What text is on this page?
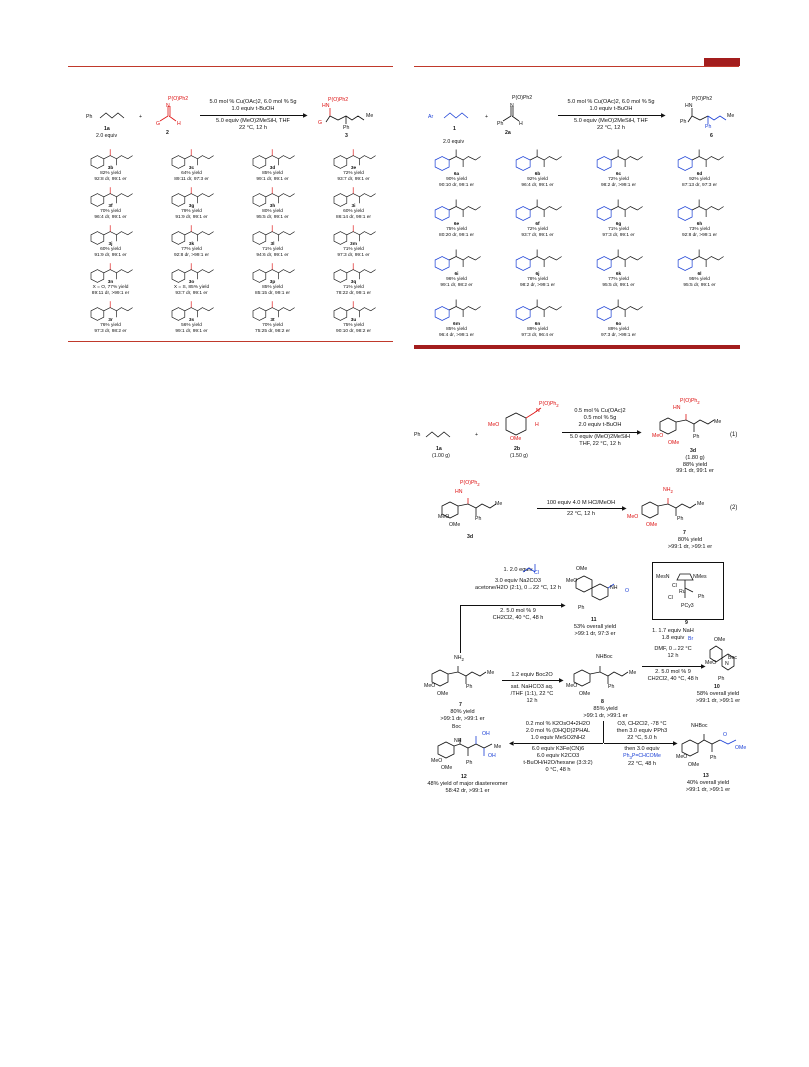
Ph
1a
2.0 equiv
+
P(O)Ph2
N
G	H
2
5.0 mol % Cu(OAc)2, 6.0 mol % 5g
1.0 equiv t-BuOH
▶
5.0 equiv (MeO)2MeSiH, THF
22 °C, 12 h
P(O)Ph2
HN
G
Ph
Me
3
3b
82% yield
92:8 dr, 99:1 er
3c
64% yield
89:11 dr, 97:3 er
3d
85% yield
99:1 dr, 99:1 er
3e
72% yield
93:7 dr, 99:1 er
3f
70% yield
96:4 dr, 99:1 er
3g
79% yield
91:9 dr, 99:1 er
3h
80% yield
95:5 dr, 99:1 er
3i
60% yield
86:14 dr, 99:1 er
3j
60% yield
91:9 dr, 99:1 er
3k
77% yield
92:8 dr, >99:1 er
3l
71% yield
94:6 dr, 99:1 er
3m
71% yield
97:3 dr, 99:1 er
3n
X = O, 77% yield
89:11 dr, >99:1 er
3o
X = S, 85% yield
93:7 dr, 99:1 er
3p
85% yield
85:15 dr, 99:1 er
3q
71% yield
78:22 dr, 99:1 er
3r
76% yield
97:3 dr, 98:2 er
3s
56% yield
99:1 dr, 99:1 er
3t
70% yield
75:25 dr, 98:2 er
3u
75% yield
90:10 dr, 98:2 er
Ar
1
2.0 equiv
+
P(O)Ph2
N
Ph	H
2a
5.0 mol % Cu(OAc)2, 6.0 mol % 5g
1.0 equiv t-BuOH
▶
5.0 equiv (MeO)2MeSiH, THF
22 °C, 12 h
P(O)Ph2
HN
Ph
Ph
Me
6
6a
90% yield
90:10 dr, 99:1 er
6b
92% yield
96:4 dr, 99:1 er
6c
72% yield
98:2 dr, >99:1 er
6d
92% yield
87:13 dr, 97:3 er
6e
75% yield
80:20 dr, 99:1 er
6f
72% yield
93:7 dr, 99:1 er
6g
71% yield
97:3 dr, 99:1 er
6h
73% yield
92:8 dr, >99:1 er
6i
96% yield
99:1 dr, 98:2 er
6j
78% yield
98:2 dr, >99:1 er
6k
77% yield
95:5 dr, 99:1 er
6l
95% yield
95:5 dr, 99:1 er
6m
85% yield
96:4 dr, >99:1 er
6n
89% yield
97:3 dr, 96:4 er
6o
89% yield
97:3 dr, >99:1 er
Ph
1a
(1.00 g)
+
$P(O)Ph_2$
N
H
MeO
OMe
2b
(1.50 g)
0.5 mol % Cu(OAc)2
0.5 mol % 5g
2.0 equiv t-BuOH
▶
5.0 equiv (MeO)2MeSiH
THF, 22 °C, 12 h
$P(O)Ph_2$
HN
MeO
OMe
Ph
Me
3d
(1.80 g)
88% yield
99:1 dr, 99:1 er
(1)
$P(O)Ph_2$
HN
MeO
OMe
Ph
Me
3d
100 equiv 4.0 M HCl/MeOH
▶
22 °C, 12 h
$NH_2$
MeO
OMe
Ph
Me
7
80% yield
>99:1 dr, >99:1 er
(2)
1. 2.0 equiv
3.0 equiv Na2CO3
acetone/H2O (2:1), 0→22 °C, 12 h
Cl
▶
2. 5.0 mol % 9
CH2Cl2, 40 °C, 48 h
OMe
MeO
Ph
NH O
11
53% overall yield
>99:1 dr, 97:3 er
MesN	NMes
Cl
Ru
Cl	Ph
PCy3
9
$NH_2$
MeO
OMe
Ph
Me
7
80% yield
>99:1 dr, >99:1 er
1.2 equiv Boc2O
▶
sat. NaHCO3 aq.
/THF (1:1), 22 °C
12 h
NHBoc
MeO
OMe
Ph
Me
8
85% yield
>99:1 dr, >99:1 er
1. 1.7 equiv NaH
1.8 equiv
DMF, 0→22 °C
12 h
Br
▶
2. 5.0 mol % 9
CH2Cl2, 40 °C, 48 h
OMe
MeO
Boc
N
Ph
10
58% overall yield
>99:1 dr, >99:1 er
0.2 mol % K2OsO4•2H2O
2.0 mol % (DHQD)2PHAL
1.0 equiv MeSO2NH2
◀
6.0 equiv K3Fe(CN)6
6.0 equiv K2CO3
t-BuOH/H2O/hexane (3:3:2)
0 °C, 48 h
Boc
NH
OH
OH
MeO
OMe
Ph
Me
12
48% yield of major diastereomer
58:42 dr, >99:1 er
O3, CH2Cl2, -78 °C
then 3.0 equiv PPh3
22 °C, 5.0 h
▶
then 3.0 equiv
$Ph_3P=CHCOMe$
22 °C, 48 h
NHBoc
O
OMe
MeO
OMe
Ph
13
40% overall yield
>99:1 dr, >99:1 er
